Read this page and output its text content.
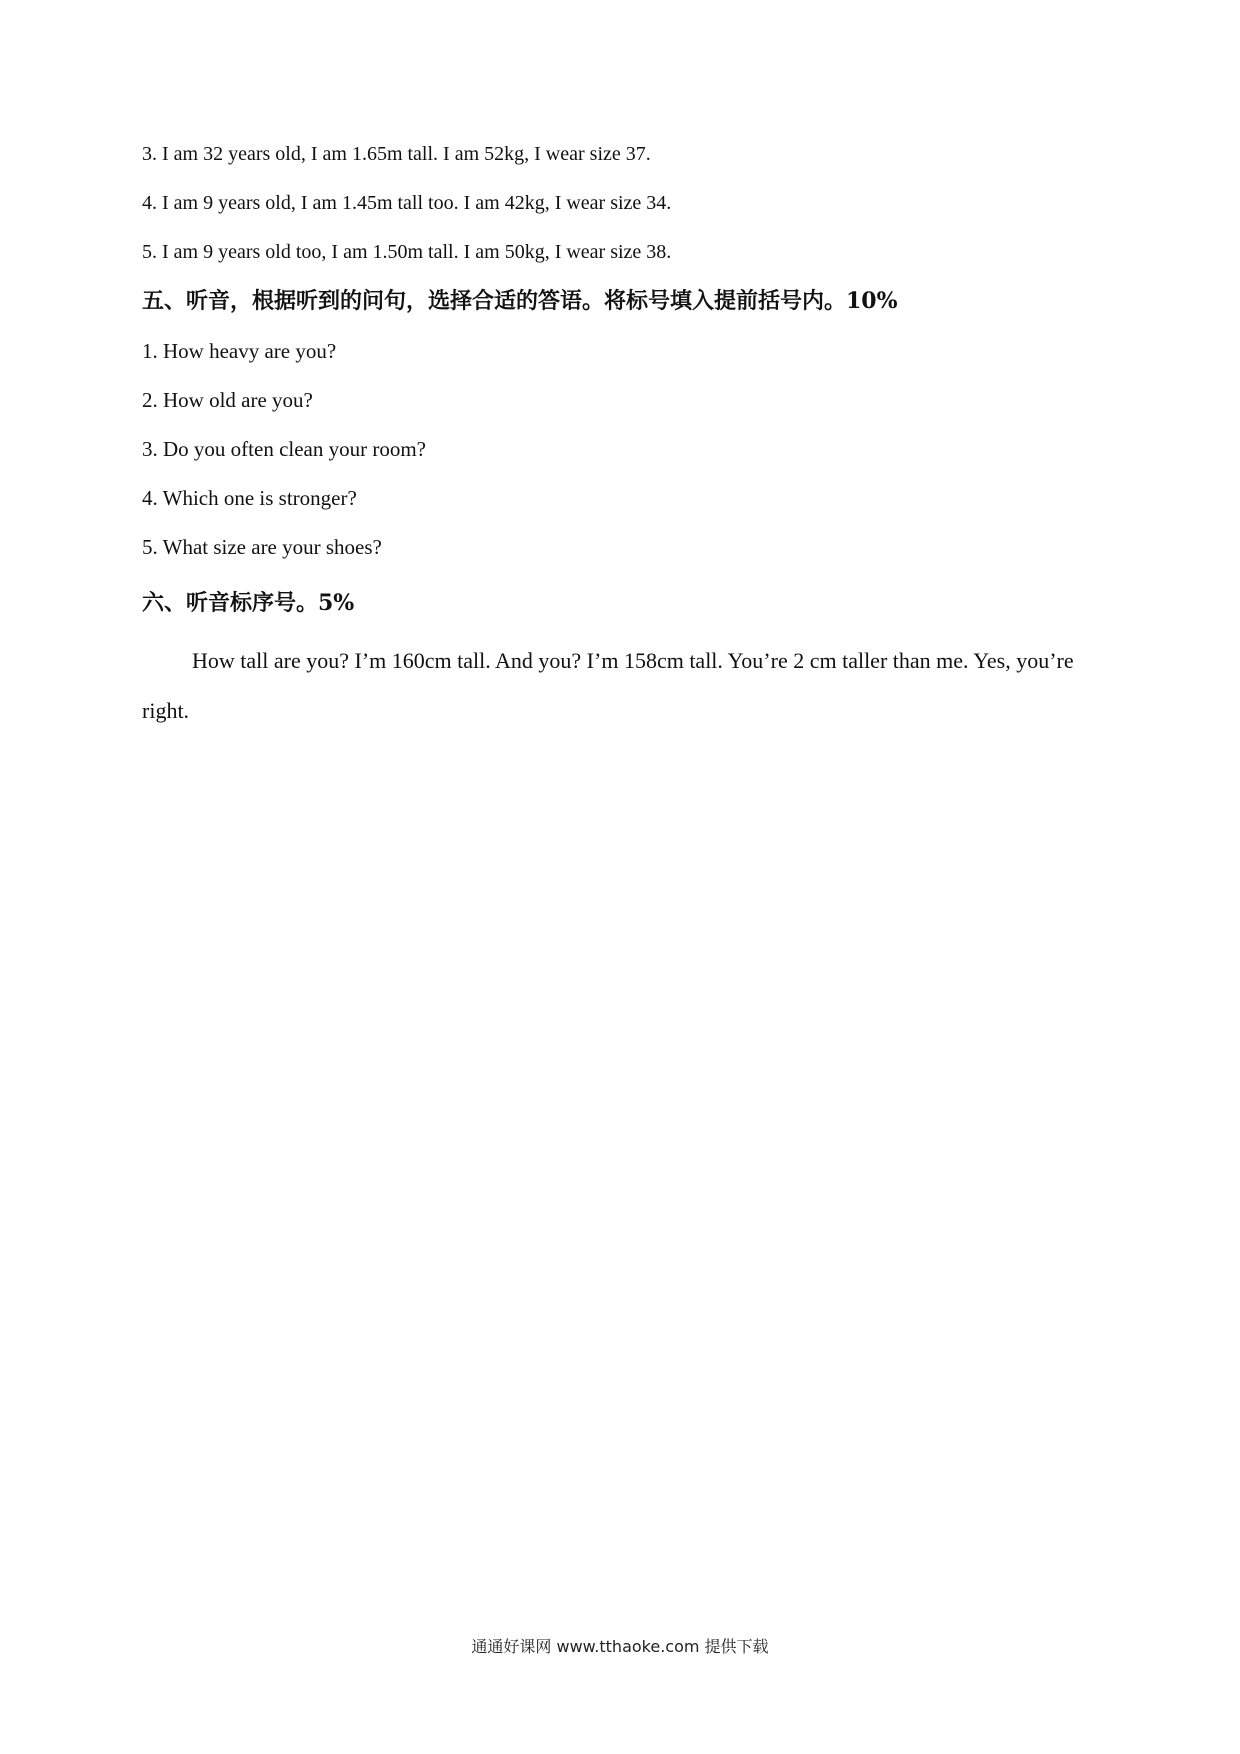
3. I am 32 years old, I am 1.65m tall. I am 52kg, I wear size 37.
4. I am 9 years old, I am 1.45m tall too. I am 42kg, I wear size 34.
5. I am 9 years old too, I am 1.50m tall. I am 50kg, I wear size 38.
五、听音，根据听到的问句，选择合适的答语。将标号填入提前括号内。10%
1. How heavy are you?
2. How old are you?
3. Do you often clean your room?
4. Which one is stronger?
5. What size are your shoes?
六、听音标序号。5%
How tall are you? I’m 160cm tall. And you? I’m 158cm tall. You’re 2 cm taller than me. Yes, you’re right.
通通好课网 www.tthaoke.com 提供下载
